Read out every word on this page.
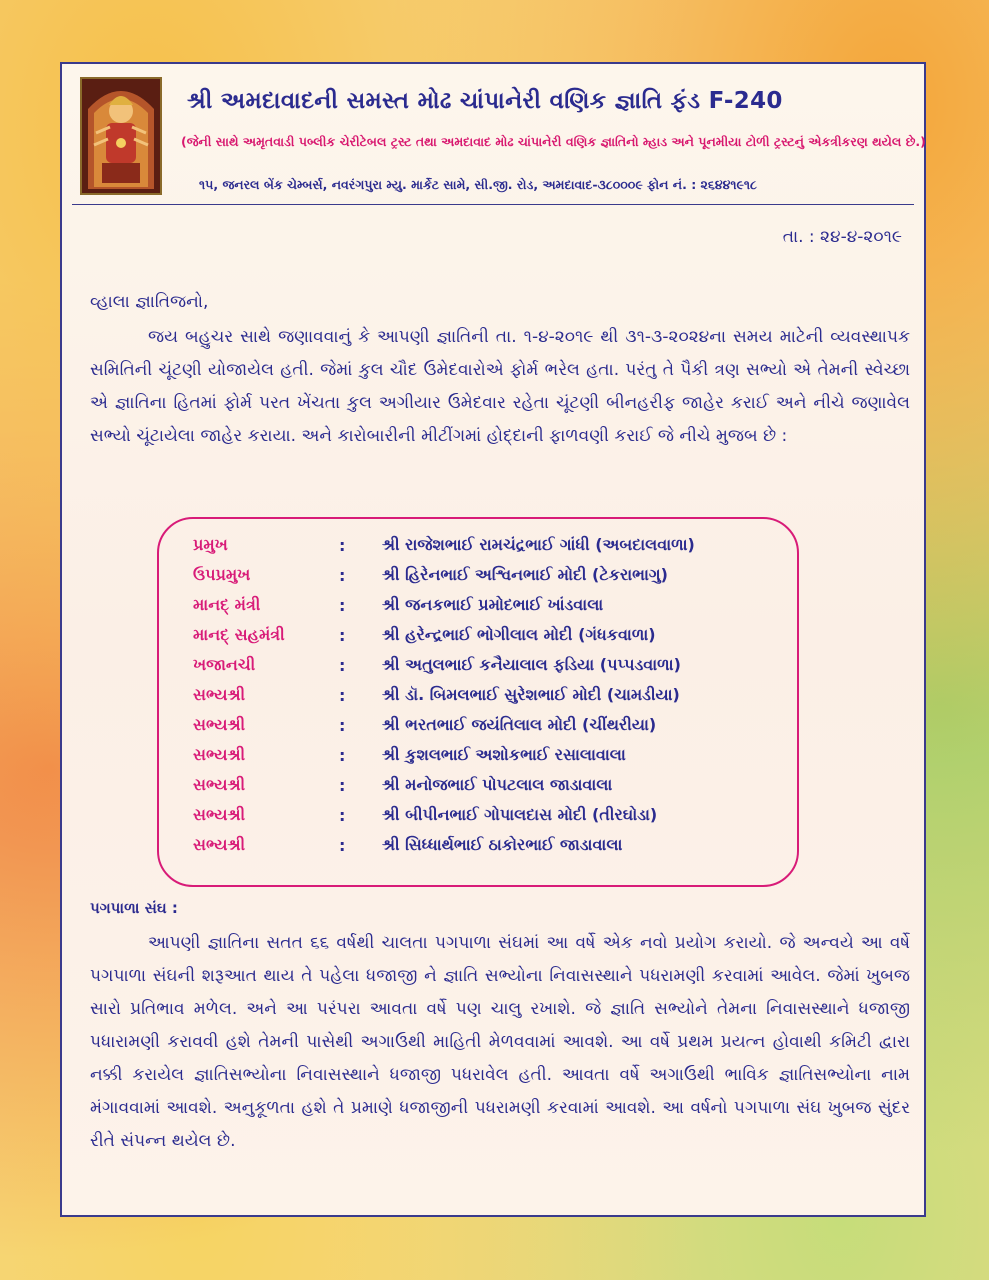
શ્રી અમદાવાદની સમસ્ત મોઢ ચાંપાનેરી વણિક જ્ઞાતિ ફંડ F-240
(જેની સાથે અમૃતવાડી પબ્લીક ચેરીટેબલ ટ્રસ્ટ તથા અમદાવાદ મોઢ ચાંપાનેરી વણિક જ્ઞાતિનો મ્હાડ અને પૂનમીયા ટોળી ટ્રસ્ટનું એકત્રીકરણ થયેલ છે.)
૧૫, જનરલ બેંક ચેમ્બર્સ, નવરંગપુરા મ્યુ. માર્કેટ સામે, સી.જી. રોડ, અમદાવાદ-૩૮૦૦૦૯ ફોન નં. : ૨૬૪૪૧૯૧૮
તા. : ૨૪-૪-૨૦૧૯
વ્હાલા જ્ઞાતિજનો,

જય બહુચર સાથે જણાવવાનું કે આપણી જ્ઞાતિની તા. ૧-૪-૨૦૧૯ થી ૩૧-૩-૨૦૨૪ના સમય માટેની વ્યવસ્થાપક સમિતિની ચૂંટણી યોજાયેલ હતી. જેમાં કુલ ચૌદ ઉમેદવારોએ ફોર્મ ભરેલ હતા. પરંતુ તે પૈકી ત્રણ સભ્યો એ તેમની સ્વેચ્છા એ જ્ઞાતિના હિતમાં ફોર્મ પરત ખેંચતા કુલ અગીયાર ઉમેદવાર રહેતા ચૂંટણી બીનહરીફ જાહેર કરાઈ અને નીચે જણાવેલ સભ્યો ચૂંટાયેલા જાહેર કરાયા. અને કારોબારીની મીટીંગમાં હોદ્દાની ફાળવણી કરાઈ જે નીચે મુજબ છે :

પ્રમુખ	: શ્રી રાજેશભાઈ રામચંદ્રભાઈ ગાંધી (અબદાલવાળા)
ઉપપ્રમુખ	: શ્રી હિરેનભાઈ અશ્વિનભાઈ મોદી (ટેકરાભાગુ)
માનદ્ મંત્રી	: શ્રી જનકભાઈ પ્રમોદભાઈ ખાંડવાલા
માનદ્ સહમંત્રી	: શ્રી હરેન્દ્રભાઈ ભોગીલાલ મોદી (ગંધકવાળા)
ખજાનચી	: શ્રી અતુલભાઈ કનૈયાલાલ ફડિયા (પપ્પડવાળા)
સભ્યશ્રી	: શ્રી ડૉ. બિમલભાઈ સુરેશભાઈ મોદી (ચામડીયા)
સભ્યશ્રી	: શ્રી ભરતભાઈ જયંતિલાલ મોદી (ચીંથરીયા)
સભ્યશ્રી	: શ્રી કુશલભાઈ અશોકભાઈ રસાલાવાલા
સભ્યશ્રી	: શ્રી મનોજભાઈ પોપટલાલ જાડાવાલા
સભ્યશ્રી	: શ્રી બીપીનભાઈ ગોપાલદાસ મોદી (તીરઘોડા)
સભ્યશ્રી	: શ્રી સિધ્ધાર્થભાઈ ઠાકોરભાઈ જાડાવાલા
પગપાળા સંઘ :

આપણી જ્ઞાતિના સતત ૬૬ વર્ષથી ચાલતા પગપાળા સંઘમાં આ વર્ષે એક નવો પ્રયોગ કરાયો. જે અન્વયે આ વર્ષે પગપાળા સંઘની શરૂઆત થાય તે પહેલા ધજાજી ને જ્ઞાતિ સભ્યોના નિવાસસ્થાને પધરામણી કરવામાં આવેલ. જેમાં ખુબજ સારો પ્રતિભાવ મળેલ. અને આ પરંપરા આવતા વર્ષે પણ ચાલુ રખાશે. જે જ્ઞાતિ સભ્યોને તેમના નિવાસસ્થાને ધજાજી પધારામણી કરાવવી હશે તેમની પાસેથી અગાઉથી માહિતી મેળવવામાં આવશે. આ વર્ષે પ્રથમ પ્રયત્ન હોવાથી કમિટી દ્વારા નક્કી કરાયેલ જ્ઞાતિસભ્યોના નિવાસસ્થાને ધજાજી પધરાવેલ હતી. આવતા વર્ષે અગાઉથી ભાવિક જ્ઞાતિસભ્યોના નામ મંગાવવામાં આવશે. અનુકૂળતા હશે તે પ્રમાણે ધજાજીની પધરામણી કરવામાં આવશે. આ વર્ષનો પગપાળા સંઘ ખુબજ સુંદર રીતે સંપન્ન થયેલ છે.
